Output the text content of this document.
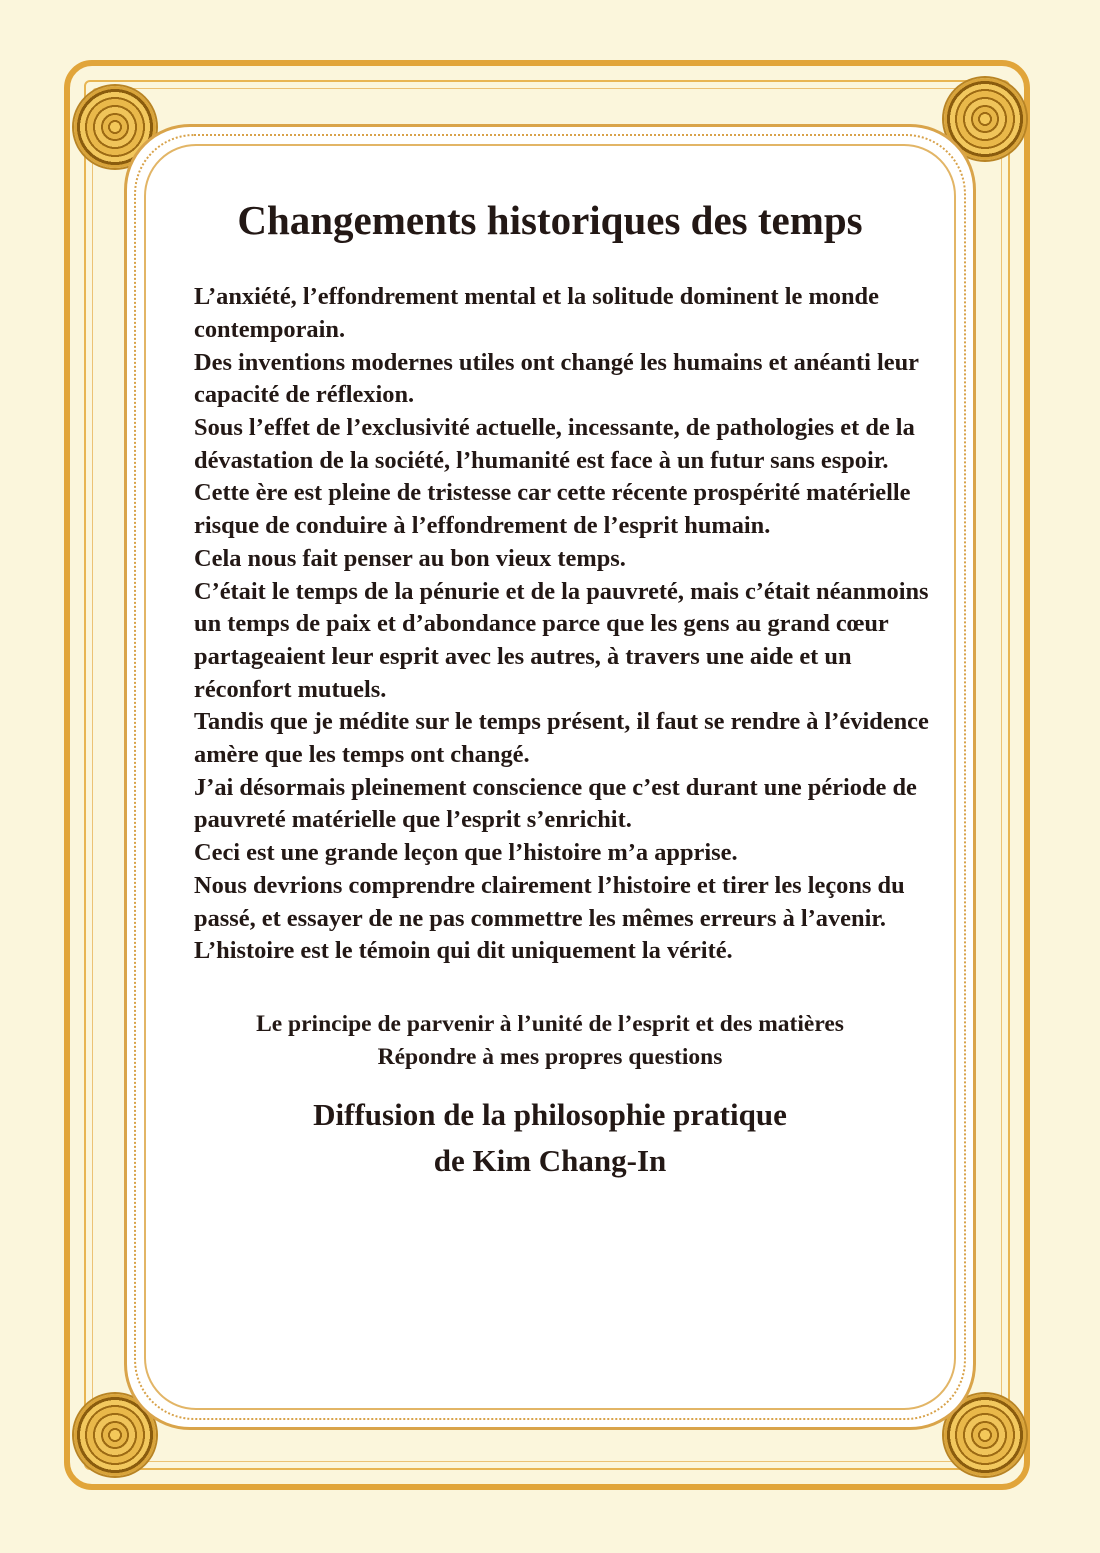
Changements historiques des temps

L’anxiété, l’effondrement mental et la solitude dominent le monde contemporain.

Des inventions modernes utiles ont changé les humains et anéanti leur capacité de réflexion.

Sous l’effet de l’exclusivité actuelle, incessante, de pathologies et de la dévastation de la société, l’humanité est face à un futur sans espoir.

Cette ère est pleine de tristesse car cette récente prospérité matérielle risque de conduire à l’effondrement de l’esprit humain.

Cela nous fait penser au bon vieux temps.

C’était le temps de la pénurie et de la pauvreté, mais c’était néanmoins un temps de paix et d’abondance parce que les gens au grand cœur partageaient leur esprit avec les autres, à travers une aide et un réconfort mutuels.

Tandis que je médite sur le temps présent, il faut se rendre à l’évidence amère que les temps ont changé.

J’ai désormais pleinement conscience que c’est durant une période de pauvreté matérielle que l’esprit s’enrichit.

Ceci est une grande leçon que l’histoire m’a apprise.

Nous devrions comprendre clairement l’histoire et tirer les leçons du passé, et essayer de ne pas commettre les mêmes erreurs à l’avenir.

L’histoire est le témoin qui dit uniquement la vérité.

Le principe de parvenir à l’unité de l’esprit et des matières
Répondre à mes propres questions
Diffusion de la philosophie pratique
de Kim Chang-In
